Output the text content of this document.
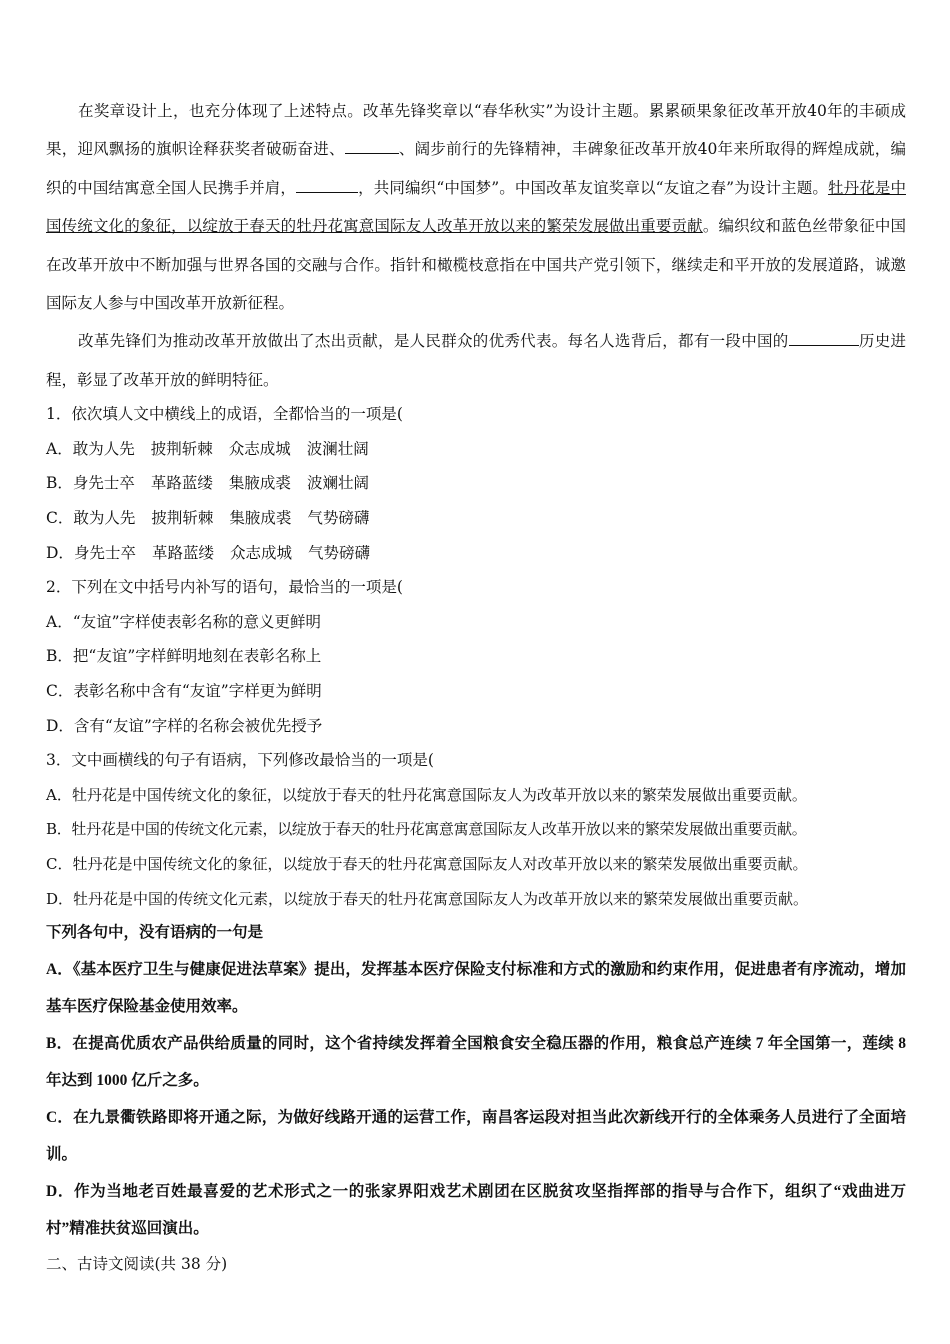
在奖章设计上，也充分体现了上述特点。改革先锋奖章以“春华秋实”为设计主题。累累硕果象征改革开放40年的丰硕成果，迎风飘扬的旗帜诠释获奖者破砺奋进、	、阔步前行的先锋精神，丰碑象征改革开放40年来所取得的辉煌成就，编织的中国结寓意全国人民携手并肩，	，共同编织“中国梦”。中国改革友谊奖章以“友谊之春”为设计主题。牡丹花是中国传统文化的象征，以绽放于春天的牡丹花寓意国际友人改革开放以来的繁荣发展做出重要贡献。编织纹和蓝色丝带象征中国在改革开放中不断加强与世界各国的交融与合作。指针和橄榄枝意指在中国共产党引领下，继续走和平开放的发展道路，诚邀国际友人参与中国改革开放新征程。

改革先锋们为推动改革开放做出了杰出贡献，是人民群众的优秀代表。每名人选背后，都有一段中国的	历史进程，彰显了改革开放的鲜明特征。

1．依次填人文中横线上的成语，全都恰当的一项是(

A．敢为人先 披荆斩棘 众志成城 波澜壮阔

B．身先士卒 革路蓝缕 集腋成裘 波斓壮阔

C．敢为人先 披荆斩棘 集腋成裘 气势磅礴

D．身先士卒 革路蓝缕 众志成城 气势磅礴

2．下列在文中括号内补写的语句，最恰当的一项是(

A．“友谊”字样使表彰名称的意义更鲜明

B．把“友谊”字样鲜明地刻在表彰名称上

C．表彰名称中含有“友谊”字样更为鲜明

D．含有“友谊”字样的名称会被优先授予

3．文中画横线的句子有语病，下列修改最恰当的一项是(

A．牡丹花是中国传统文化的象征，以绽放于春天的牡丹花寓意国际友人为改革开放以来的繁荣发展做出重要贡献。

B．牡丹花是中国的传统文化元素，以绽放于春天的牡丹花寓意寓意国际友人改革开放以来的繁荣发展做出重要贡献。

C．牡丹花是中国传统文化的象征，以绽放于春天的牡丹花寓意国际友人对改革开放以来的繁荣发展做出重要贡献。

D．牡丹花是中国的传统文化元素，以绽放于春天的牡丹花寓意国际友人为改革开放以来的繁荣发展做出重要贡献。

下列各句中，没有语病的一句是

A．《基本医疗卫生与健康促进法草案》提出，发挥基本医疗保险支付标准和方式的激励和约束作用，促进患者有序流动，增加基车医疗保险基金使用效率。

B．在提高优质农产品供给质量的同时，这个省持续发挥着全国粮食安全稳压器的作用，粮食总产连续 7 年全国第一，莲续 8 年达到 1000 亿斤之多。

C．在九景衢铁路即将开通之际，为做好线路开通的运营工作，南昌客运段对担当此次新线开行的全体乘务人员进行了全面培训。

D．作为当地老百姓最喜爱的艺术形式之一的张家界阳戏艺术剧团在区脱贫攻坚指挥部的指导与合作下，组织了“戏曲进万村”精准扶贫巡回演出。

二、古诗文阅读(共 38 分)
